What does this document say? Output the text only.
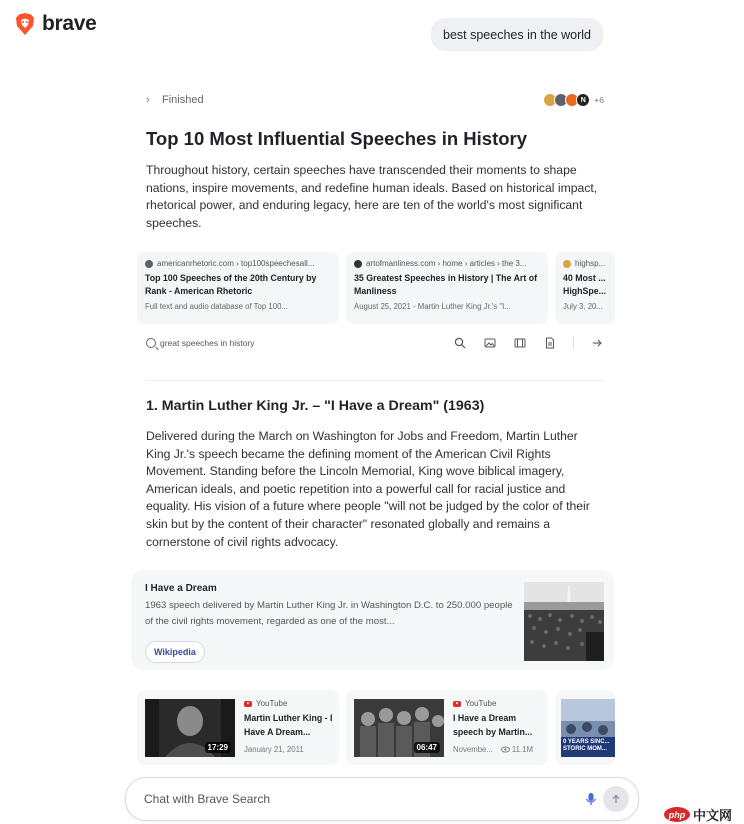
brave	best speeches in the world
›	Finished	N +6
Top 10 Most Influential Speeches in History

Throughout history, certain speeches have transcended their moments to shape nations, inspire movements, and redefine human ideals. Based on historical impact, rhetorical power, and enduring legacy, here are ten of the world's most significant speeches.

americanrhetoric.com › top100speechesall...
Top 100 Speeches of the 20th Century by Rank - American Rhetoric
Full text and audio database of Top 100...
artofmanliness.com › home › articles › the 3...
35 Greatest Speeches in History | The Art of Manliness
August 25, 2021 - Martin Luther King Jr.'s "I...
highsp...
40 Most ... HighSpe...
July 3, 20...
great speeches in history
1. Martin Luther King Jr. – "I Have a Dream" (1963)

Delivered during the March on Washington for Jobs and Freedom, Martin Luther King Jr.'s speech became the defining moment of the American Civil Rights Movement. Standing before the Lincoln Memorial, King wove biblical imagery, American ideals, and poetic repetition into a powerful call for racial justice and equality. His vision of a future where people "will not be judged by the color of their skin but by the content of their character" resonated globally and remains a cornerstone of civil rights advocacy.

I Have a Dream
1963 speech delivered by Martin Luther King Jr. in Washington D.C. to 250.000 people of the civil rights movement, regarded as one of the most...
Wikipedia
17:29
YouTube
Martin Luther King - I Have A Dream...
January 21, 2011	06:47
YouTube
I Have a Dream speech by Martin...
Novembe... 11.1M
0 YEARS SINC... STORIC MOM...
Chat with Brave Search
php 中文网
